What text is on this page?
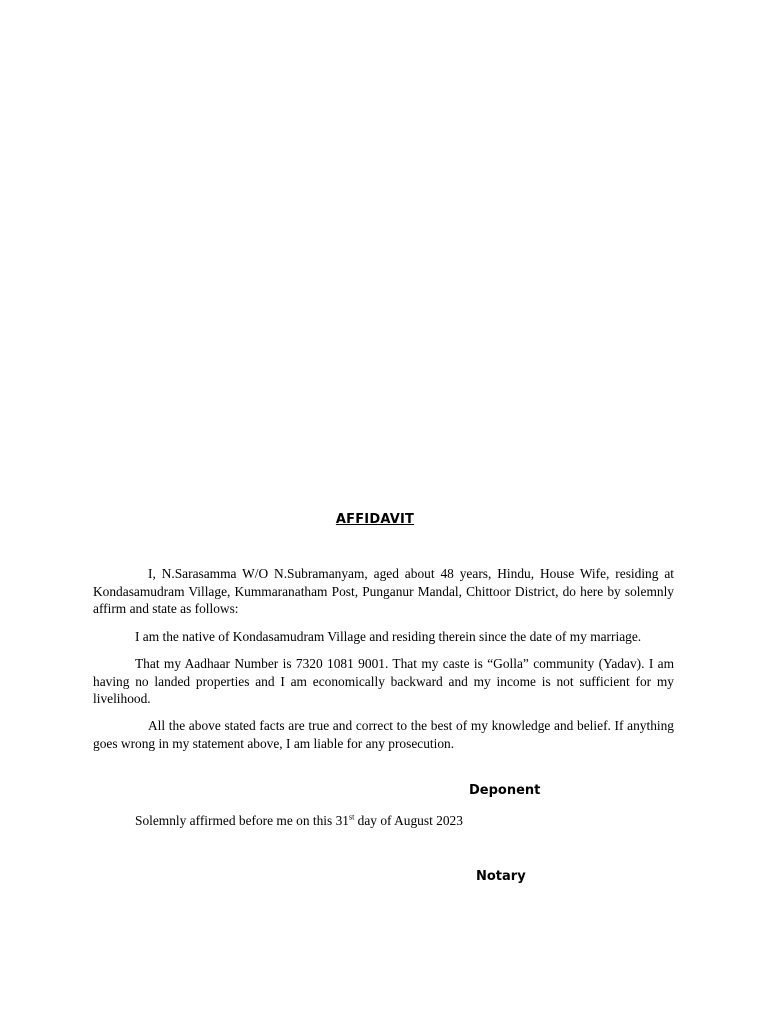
AFFIDAVIT

I, N.Sarasamma W/O N.Subramanyam, aged about 48 years, Hindu, House Wife, residing at Kondasamudram Village, Kummaranatham Post, Punganur Mandal, Chittoor District, do here by solemnly affirm and state as follows:

I am the native of Kondasamudram Village and residing therein since the date of my marriage.

That my Aadhaar Number is 7320 1081 9001. That my caste is “Golla” community (Yadav). I am having no landed properties and I am economically backward and my income is not sufficient for my livelihood.

All the above stated facts are true and correct to the best of my knowledge and belief. If anything goes wrong in my statement above, I am liable for any prosecution.

Deponent
Solemnly affirmed before me on this 31st day of August 2023
Notary
